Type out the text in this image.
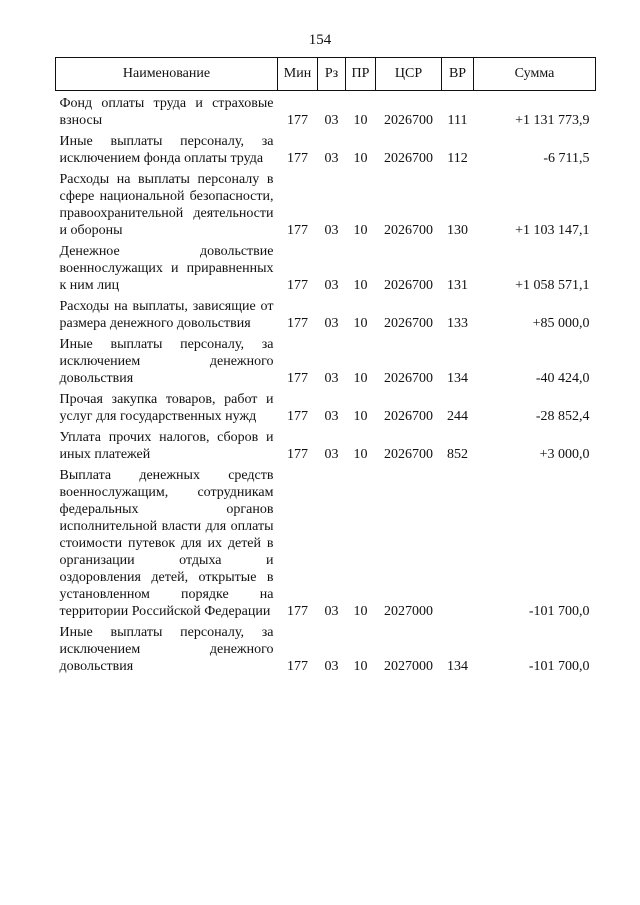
154
Наименование	Мин	Рз	ПР	ЦСР	ВР	Сумма

Фонд оплаты труда и страховые взносы	177	03	10	2026700	111	+1 131 773,9

Иные выплаты персоналу, за исключением фонда оплаты труда	177	03	10	2026700	112	-6 711,5

Расходы на выплаты персоналу в сфере национальной безопасности, правоохранительной деятельности и обороны	177	03	10	2026700	130	+1 103 147,1

Денежное довольствие военнослужащих и приравненных к ним лиц	177	03	10	2026700	131	+1 058 571,1

Расходы на выплаты, зависящие от размера денежного довольствия	177	03	10	2026700	133	+85 000,0

Иные выплаты персоналу, за исключением денежного довольствия	177	03	10	2026700	134	-40 424,0

Прочая закупка товаров, работ и услуг для государственных нужд	177	03	10	2026700	244	-28 852,4

Уплата прочих налогов, сборов и иных платежей	177	03	10	2026700	852	+3 000,0

Выплата денежных средств военнослужащим, сотрудникам федеральных органов исполнительной власти для оплаты стоимости путевок для их детей в организации отдыха и оздоровления детей, открытые в установленном порядке на территории Российской Федерации	177	03	10	2027000		-101 700,0

Иные выплаты персоналу, за исключением денежного довольствия	177	03	10	2027000	134	-101 700,0
